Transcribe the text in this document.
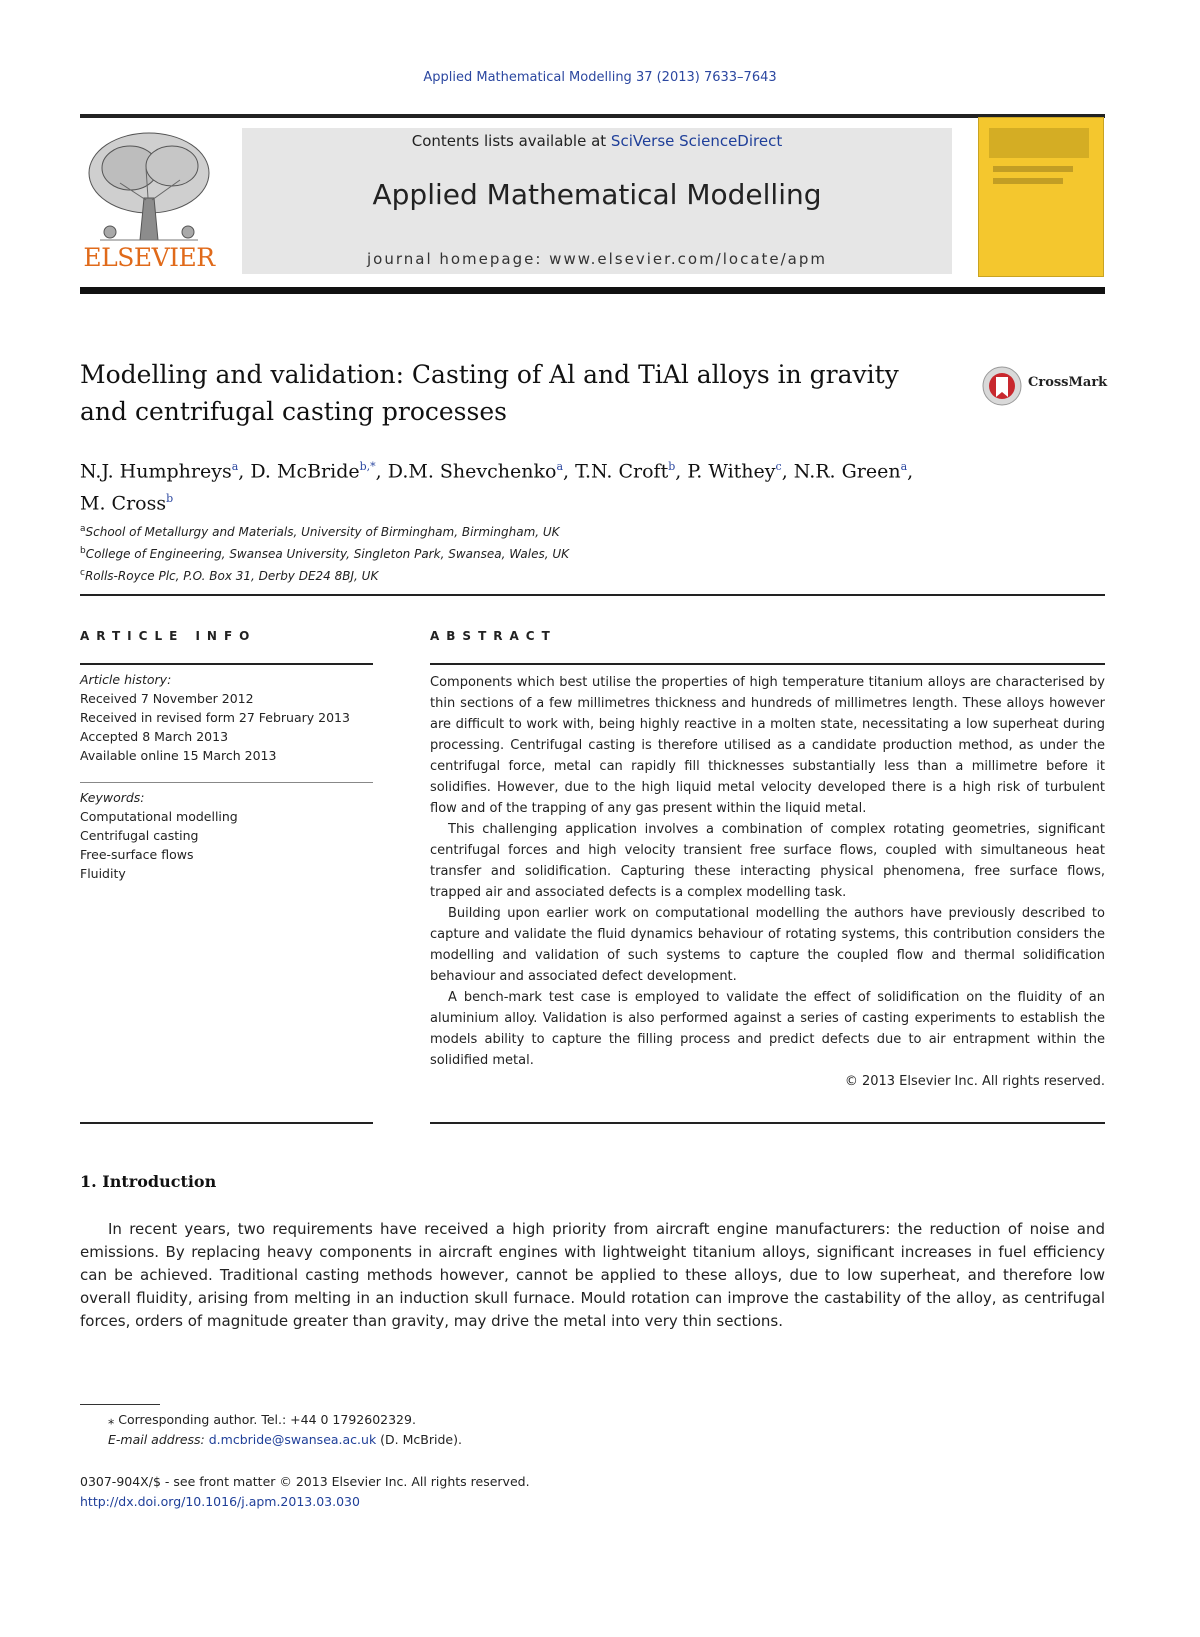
Applied Mathematical Modelling 37 (2013) 7633–7643
ELSEVIER
Contents lists available at SciVerse ScienceDirect
Applied Mathematical Modelling
journal homepage: www.elsevier.com/locate/apm
Modelling and validation: Casting of Al and TiAl alloys in gravity and centrifugal casting processes
CrossMark
N.J. Humphreys$^a$, D. McBride$^{b,*}$, D.M. Shevchenko$^a$, T.N. Croft$^b$, P. Withey$^c$, N.R. Green$^a$,
M. Cross$^b$
$^a$School of Metallurgy and Materials, University of Birmingham, Birmingham, UK
$^b$College of Engineering, Swansea University, Singleton Park, Swansea, Wales, UK
$^c$Rolls-Royce Plc, P.O. Box 31, Derby DE24 8BJ, UK
ARTICLE INFO	ABSTRACT
Article history:
Received 7 November 2012
Received in revised form 27 February 2013
Accepted 8 March 2013
Available online 15 March 2013
Keywords:
Computational modelling
Centrifugal casting
Free-surface flows
Fluidity

Components which best utilise the properties of high temperature titanium alloys are characterised by thin sections of a few millimetres thickness and hundreds of millimetres length. These alloys however are difficult to work with, being highly reactive in a molten state, necessitating a low superheat during processing. Centrifugal casting is therefore utilised as a candidate production method, as under the centrifugal force, metal can rapidly fill thicknesses substantially less than a millimetre before it solidifies. However, due to the high liquid metal velocity developed there is a high risk of turbulent flow and of the trapping of any gas present within the liquid metal.

This challenging application involves a combination of complex rotating geometries, significant centrifugal forces and high velocity transient free surface flows, coupled with simultaneous heat transfer and solidification. Capturing these interacting physical phenomena, free surface flows, trapped air and associated defects is a complex modelling task.

Building upon earlier work on computational modelling the authors have previously described to capture and validate the fluid dynamics behaviour of rotating systems, this contribution considers the modelling and validation of such systems to capture the coupled flow and thermal solidification behaviour and associated defect development.

A bench-mark test case is employed to validate the effect of solidification on the fluidity of an aluminium alloy. Validation is also performed against a series of casting experiments to establish the models ability to capture the filling process and predict defects due to air entrapment within the solidified metal.

© 2013 Elsevier Inc. All rights reserved.

1. Introduction
In recent years, two requirements have received a high priority from aircraft engine manufacturers: the reduction of noise and emissions. By replacing heavy components in aircraft engines with lightweight titanium alloys, significant increases in fuel efficiency can be achieved. Traditional casting methods however, cannot be applied to these alloys, due to low superheat, and therefore low overall fluidity, arising from melting in an induction skull furnace. Mould rotation can improve the castability of the alloy, as centrifugal forces, orders of magnitude greater than gravity, may drive the metal into very thin sections.
⁎ Corresponding author. Tel.: +44 0 1792602329.
E-mail address: d.mcbride@swansea.ac.uk (D. McBride).
0307-904X/$ - see front matter © 2013 Elsevier Inc. All rights reserved.
http://dx.doi.org/10.1016/j.apm.2013.03.030
